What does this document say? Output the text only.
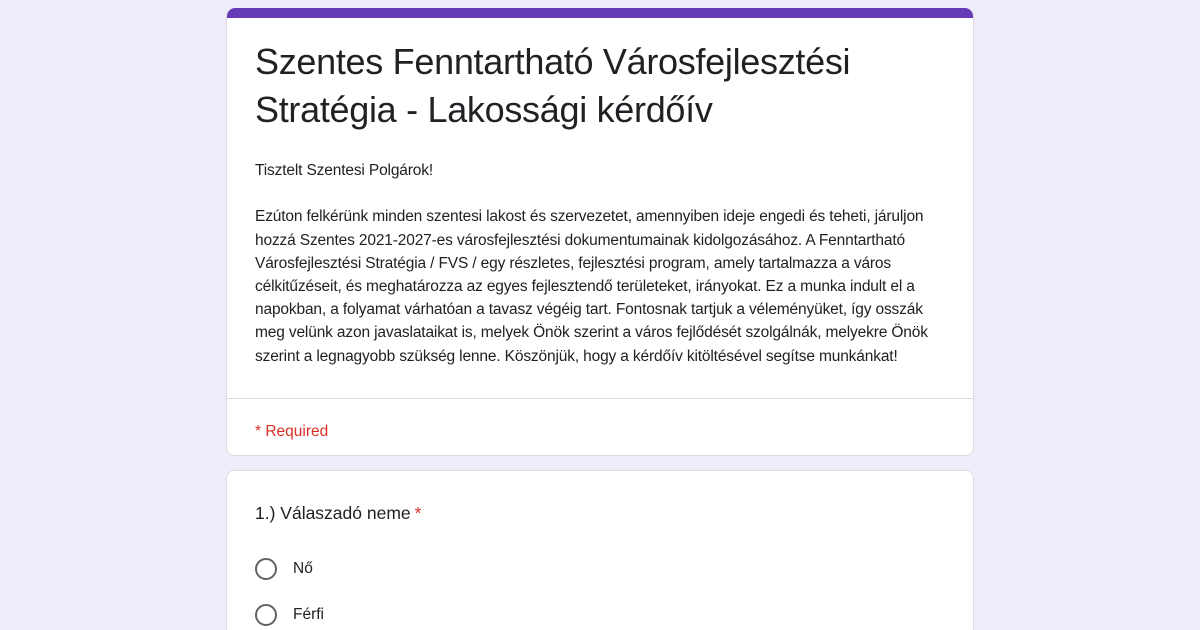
Szentes Fenntartható Városfejlesztési Stratégia - Lakossági kérdőív
Tisztelt Szentesi Polgárok!

Ezúton felkérünk minden szentesi lakost és szervezetet, amennyiben ideje engedi és teheti, járuljon hozzá Szentes 2021-2027-es városfejlesztési dokumentumainak kidolgozásához. A Fenntartható Városfejlesztési Stratégia / FVS / egy részletes, fejlesztési program, amely tartalmazza a város célkitűzéseit, és meghatározza az egyes fejlesztendő területeket, irányokat. Ez a munka indult el a napokban, a folyamat várhatóan a tavasz végéig tart. Fontosnak tartjuk a véleményüket, így osszák meg velünk azon javaslataikat is, melyek Önök szerint a város fejlődését szolgálnák, melyekre Önök szerint a legnagyobb szükség lenne. Köszönjük, hogy a kérdőív kitöltésével segítse munkánkat!
* Required
1.) Válaszadó neme *
Nő
Férfi
